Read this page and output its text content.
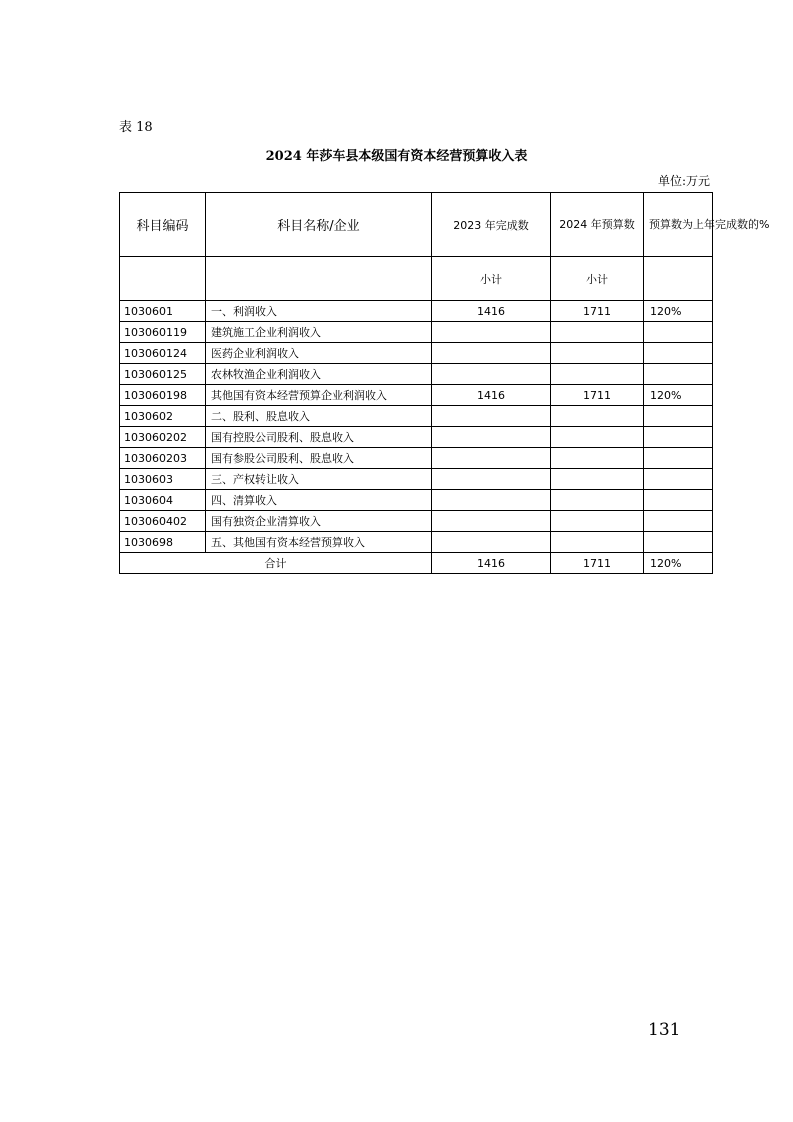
表 18
2024 年莎车县本级国有资本经营预算收入表
单位:万元
科目编码	科目名称/企业	2023 年完成数	2024 年预算数	预算数为上年完成数的%
		小计	小计	
1030601	一、利润收入	1416	1711	120%
103060119	建筑施工企业利润收入			
103060124	医药企业利润收入			
103060125	农林牧渔企业利润收入			
103060198	其他国有资本经营预算企业利润收入	1416	1711	120%
1030602	二、股利、股息收入			
103060202	国有控股公司股利、股息收入			
103060203	国有参股公司股利、股息收入			
1030603	三、产权转让收入			
1030604	四、清算收入			
103060402	国有独资企业清算收入			
1030698	五、其他国有资本经营预算收入			
合计		1416	1711	120%
131
